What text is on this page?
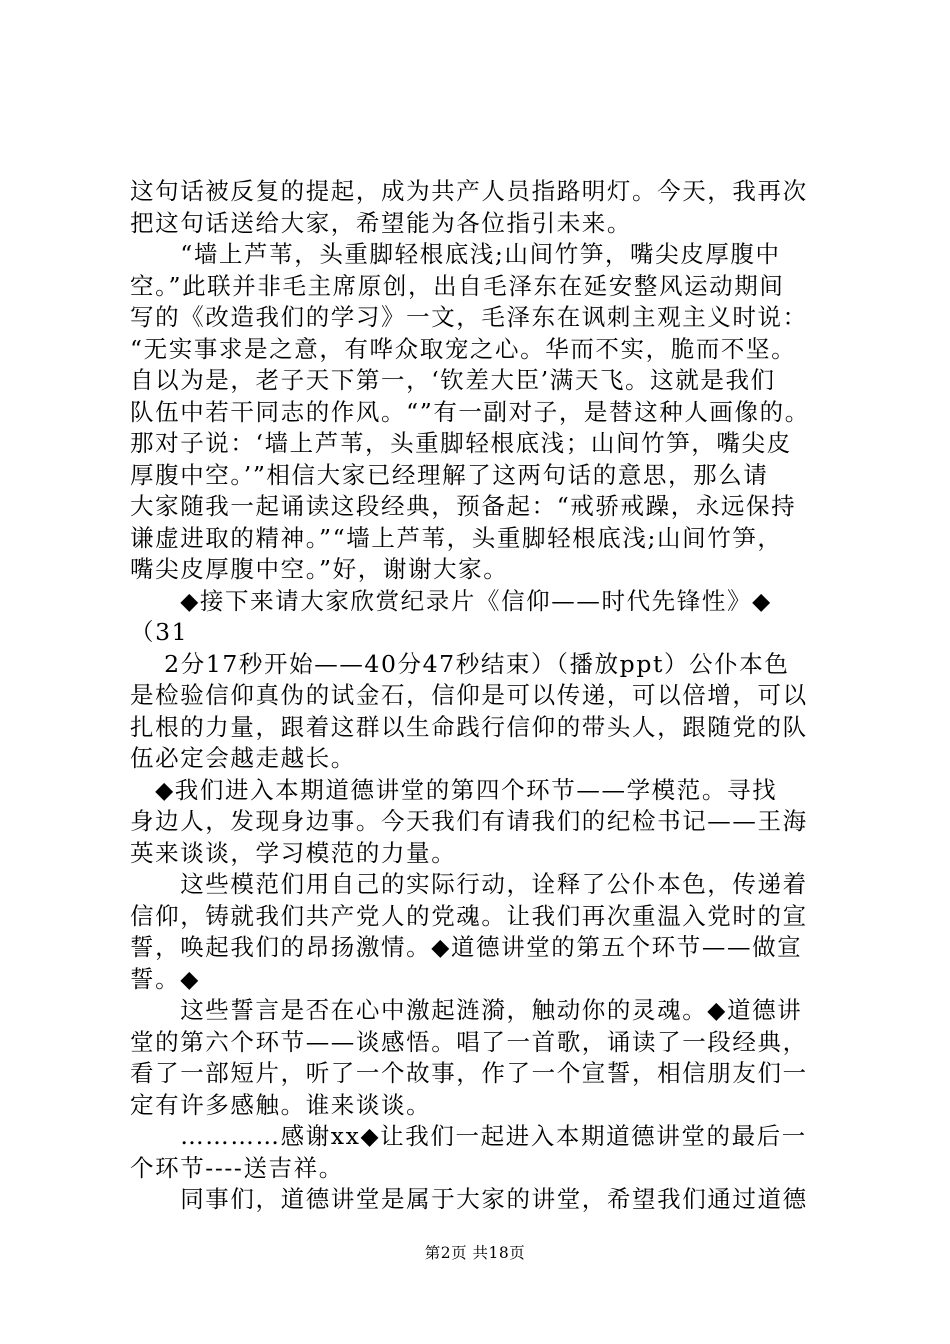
这句话被反复的提起，成为共产人员指路明灯。今天，我再次
把这句话送给大家，希望能为各位指引未来。
　　“墙上芦苇，头重脚轻根底浅;山间竹笋，嘴尖皮厚腹中
空。”此联并非毛主席原创，出自毛泽东在延安整风运动期间
写的《改造我们的学习》一文，毛泽东在讽刺主观主义时说：
“无实事求是之意，有哗众取宠之心。华而不实，脆而不坚。
自以为是，老子天下第一，‘钦差大臣’满天飞。这就是我们
队伍中若干同志的作风。“”有一副对子，是替这种人画像的。
那对子说：‘墙上芦苇，头重脚轻根底浅；山间竹笋，嘴尖皮
厚腹中空。’”相信大家已经理解了这两句话的意思，那么请
大家随我一起诵读这段经典，预备起：“戒骄戒躁，永远保持
谦虚进取的精神。”“墙上芦苇，头重脚轻根底浅;山间竹笋，
嘴尖皮厚腹中空。”好，谢谢大家。
　　◆接下来请大家欣赏纪录片《信仰——时代先锋性》◆
（31
　 2分17秒开始——40分47秒结束）（播放ppt）公仆本色
是检验信仰真伪的试金石，信仰是可以传递，可以倍增，可以
扎根的力量，跟着这群以生命践行信仰的带头人，跟随党的队
伍必定会越走越长。
　◆我们进入本期道德讲堂的第四个环节——学模范。寻找
身边人，发现身边事。今天我们有请我们的纪检书记——王海
英来谈谈，学习模范的力量。
　　这些模范们用自己的实际行动，诠释了公仆本色，传递着
信仰，铸就我们共产党人的党魂。让我们再次重温入党时的宣
誓，唤起我们的昂扬激情。◆道德讲堂的第五个环节——做宣
誓。◆
　　这些誓言是否在心中激起涟漪，触动你的灵魂。◆道德讲
堂的第六个环节——谈感悟。唱了一首歌，诵读了一段经典，
看了一部短片，听了一个故事，作了一个宣誓，相信朋友们一
定有许多感触。谁来谈谈。
　　…………感谢xx◆让我们一起进入本期道德讲堂的最后一
个环节----送吉祥。
　　同事们，道德讲堂是属于大家的讲堂，希望我们通过道德
第2页 共18页
